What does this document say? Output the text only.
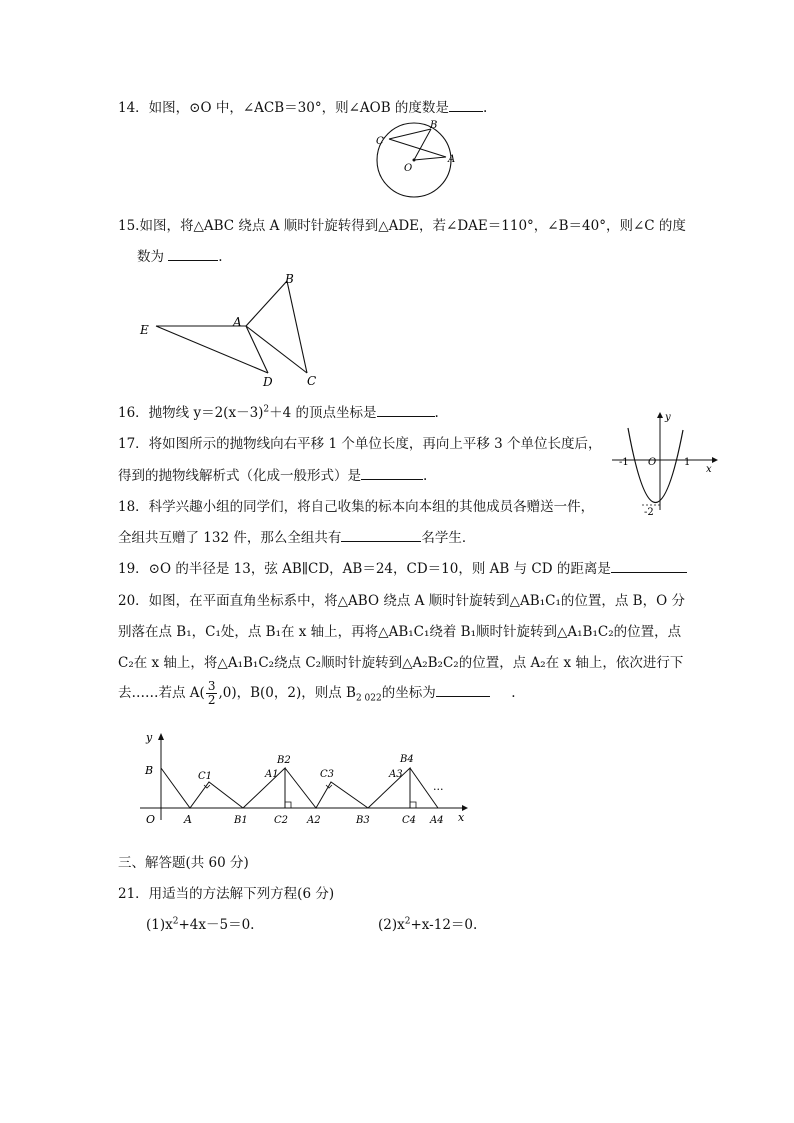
14．如图，⊙O 中，∠ACB＝30°，则∠AOB 的度数是	.
C
B
O
A
15.如图，将△ABC 绕点 A 顺时针旋转得到△ADE，若∠DAE＝110°，∠B＝40°，则∠C 的度
数为	.
B
A
E
D	C
16．抛物线 $y=2(x-3)^2+4$ 的顶点坐标是	.
17．将如图所示的抛物线向右平移 1 个单位长度，再向上平移 3 个单位长度后，
得到的抛物线解析式（化成一般形式）是	.
y
x
-1 O	1
-2
18．科学兴趣小组的同学们，将自己收集的标本向本组的其他成员各赠送一件，
全组共互赠了 132 件，那么全组共有	名学生．
19．⊙O 的半径是 13，弦 AB∥CD，AB＝24，CD＝10，则 AB 与 CD 的距离是
20．如图，在平面直角坐标系中，将△ABO 绕点 A 顺时针旋转到△AB₁C₁的位置，点 B，O 分
别落在点 B₁，C₁处，点 B₁在 x 轴上，再将△AB₁C₁绕着 B₁顺时针旋转到△A₁B₁C₂的位置，点
C₂在 x 轴上，将△A₁B₁C₂绕点 C₂顺时针旋转到△A₂B₂C₂的位置，点 A₂在 x 轴上，依次进行下
去……若点 $A( \frac{3}{2} ,0)$，B(0，2)，则点 $B_{2 022}$的坐标为	.
y
B
O	A
C1
B1
B2
A1
C2 A2
C3
B3
B4
A3
C4 A4 x
...
三、解答题(共 60 分)
21．用适当的方法解下列方程(6 分)
$(1)x^2+4x-5=0$.	$(2)x^2+x-12=0$.
